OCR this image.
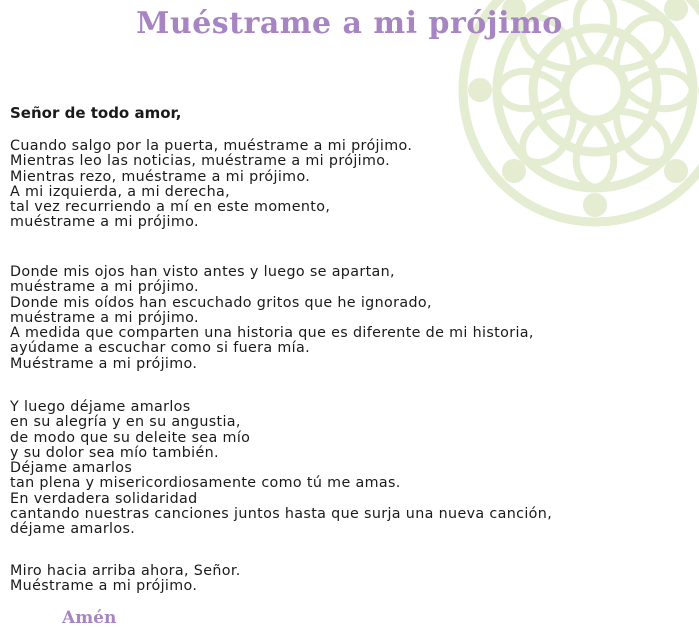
Muéstrame a mi prójimo

Señor de todo amor,

Cuando salgo por la puerta, muéstrame a mi prójimo.
Mientras leo las noticias, muéstrame a mi prójimo.
Mientras rezo, muéstrame a mi prójimo.
A mi izquierda, a mi derecha,
tal vez recurriendo a mí en este momento,
muéstrame a mi prójimo.
Donde mis ojos han visto antes y luego se apartan,
muéstrame a mi prójimo.
Donde mis oídos han escuchado gritos que he ignorado,
muéstrame a mi prójimo.
A medida que comparten una historia que es diferente de mi historia,
ayúdame a escuchar como si fuera mía.
Muéstrame a mi prójimo.
Y luego déjame amarlos
en su alegría y en su angustia,
de modo que su deleite sea mío
y su dolor sea mío también.
Déjame amarlos
tan plena y misericordiosamente como tú me amas.
En verdadera solidaridad
cantando nuestras canciones juntos hasta que surja una nueva canción,
déjame amarlos.
Miro hacia arriba ahora, Señor.
Muéstrame a mi prójimo.

Amén
